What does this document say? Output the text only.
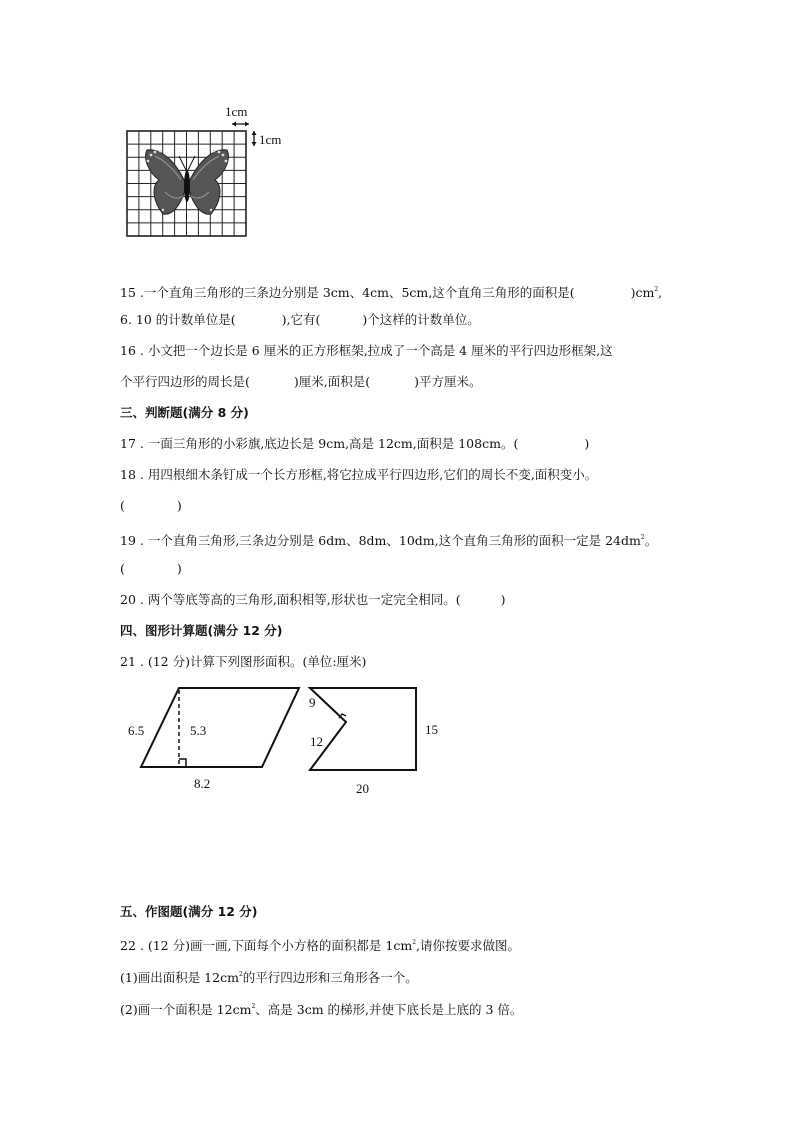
1cm
1cm
15 .一个直角三角形的三条边分别是 3cm、4cm、5cm,这个直角三角形的面积是(	)$cm^2$,
6. 10 的计数单位是(	),它有(	)个这样的计数单位。
16 . 小文把一个边长是 6 厘米的正方形框架,拉成了一个高是 4 厘米的平行四边形框架,这
个平行四边形的周长是(	)厘米,面积是(	)平方厘米。
三、判断题(满分 8 分)
17 . 一面三角形的小彩旗,底边长是 9cm,高是 12cm,面积是 108cm。(	)
18 . 用四根细木条钉成一个长方形框,将它拉成平行四边形,它们的周长不变,面积变小。
(	)
19 . 一个直角三角形,三条边分别是 6dm、8dm、10dm,这个直角三角形的面积一定是 $24dm^2$。
(	)
20 . 两个等底等高的三角形,面积相等,形状也一定完全相同。(	)
四、图形计算题(满分 12 分)
21 . (12 分)计算下列图形面积。(单位:厘米)
6.5	5.3
8.2
9
12
15
20
五、作图题(满分 12 分)
22 . (12 分)画一画,下面每个小方格的面积都是 $1cm^2$,请你按要求做图。
(1)画出面积是 $12cm^2$的平行四边形和三角形各一个。
(2)画一个面积是 $12cm^2$、高是 3cm 的梯形,并使下底长是上底的 3 倍。
